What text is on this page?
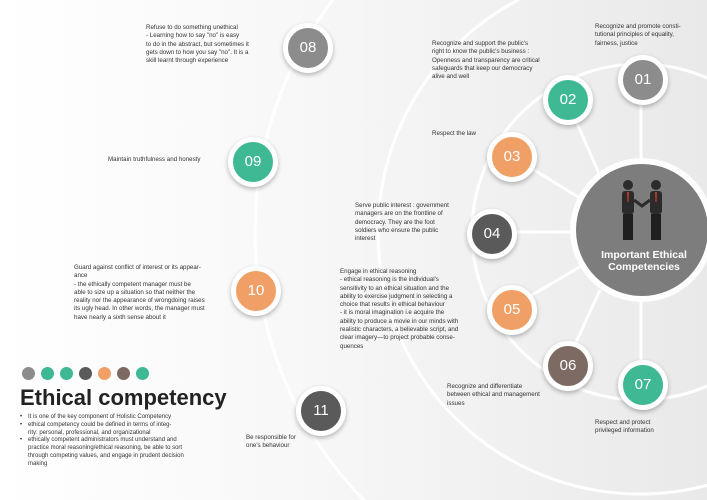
01
02
03
04
05
06
07
08
09
10
11
Recognize and promote consti-
tutional principles of equality,
fairness, justice
Recognize and support the public's
right to know the public's business :
Openness and transparency are critical
safeguards that keep our democracy
alive and well
Respect the law
Serve public interest : government
managers are on the frontline of
democracy. They are the foot
soldiers who ensure the public
interest
Engage in ethical reasoning
- ethical reasoning is the individual's
sensitivity to an ethical situation and the
ability to exercise judgment in selecting a
choice that results in ethical behaviour
- it is moral imagination i.e acquire the
ability to produce a movie in our minds with
realistic characters, a believable script, and
clear imagery—to project probable conse-
quences
Recognize and differentiate
between ethical and management
issues
Respect and protect
privileged information
Refuse to do something unethical
- Learning how to say "no" is easy
to do in the abstract, but sometimes it
gets down to how you say "no". It is a
skill learnt through experience
Maintain truthfulness and honesty
Guard against conflict of interest or its appear-
ance
- the ethically competent manager must be
able to size up a situation so that neither the
reality nor the appearance of wrongdoing raises
its ugly head. In other words, the manager must
have nearly a sixth sense about it
Be responsible for
one's behaviour
Important Ethical Competencies
Ethical competency
• It is one of the key component of Holistic Competency
• ethical competency could be defined in terms of integ-
rity: personal, professional, and organizational
• ethically competent administrators must understand and
practice moral reasoning/ethical reasoning, be able to sort
through competing values, and engage in prudent decision
making
